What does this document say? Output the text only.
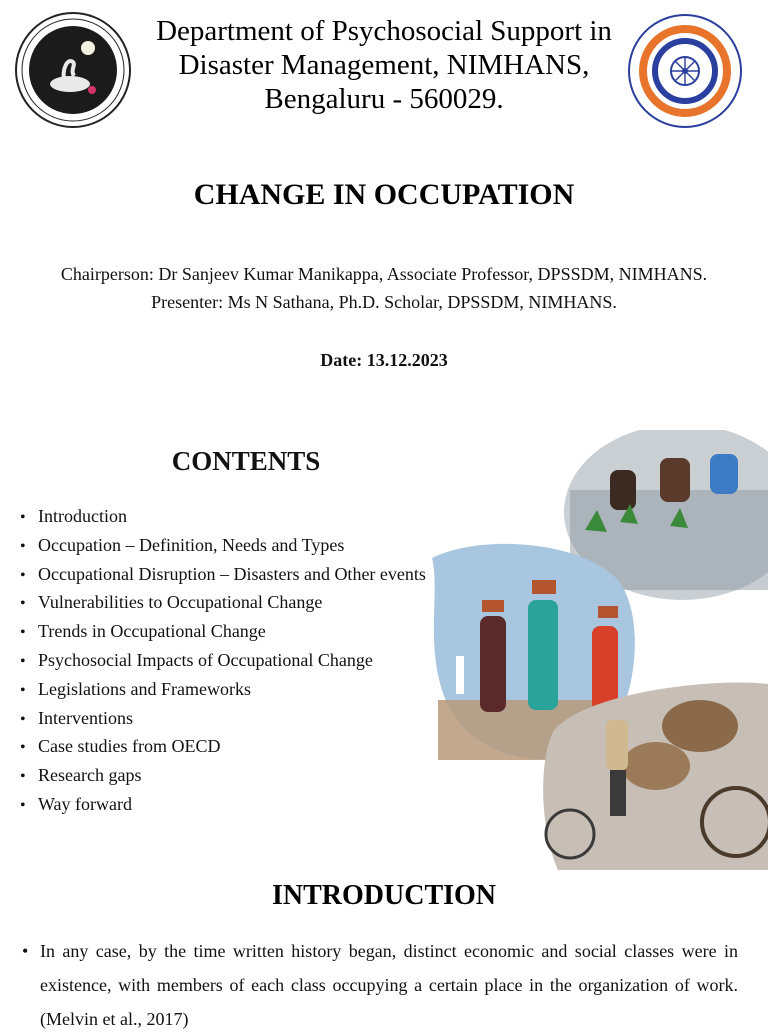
Department of Psychosocial Support in
Disaster Management, NIMHANS,
Bengaluru - 560029.
CHANGE IN OCCUPATION
Chairperson: Dr Sanjeev Kumar Manikappa, Associate Professor, DPSSDM, NIMHANS.
Presenter: Ms N Sathana, Ph.D. Scholar, DPSSDM, NIMHANS.
Date: 13.12.2023
CONTENTS
• Introduction
• Occupation – Definition, Needs and Types
• Occupational Disruption – Disasters and Other events
• Vulnerabilities to Occupational Change
• Trends in Occupational Change
• Psychosocial Impacts of Occupational Change
• Legislations and Frameworks
• Interventions
• Case studies from OECD
• Research gaps
• Way forward
INTRODUCTION
• In any case, by the time written history began, distinct economic and social classes were in existence, with members of each class occupying a certain place in the organization of work. (Melvin et al., 2017)
